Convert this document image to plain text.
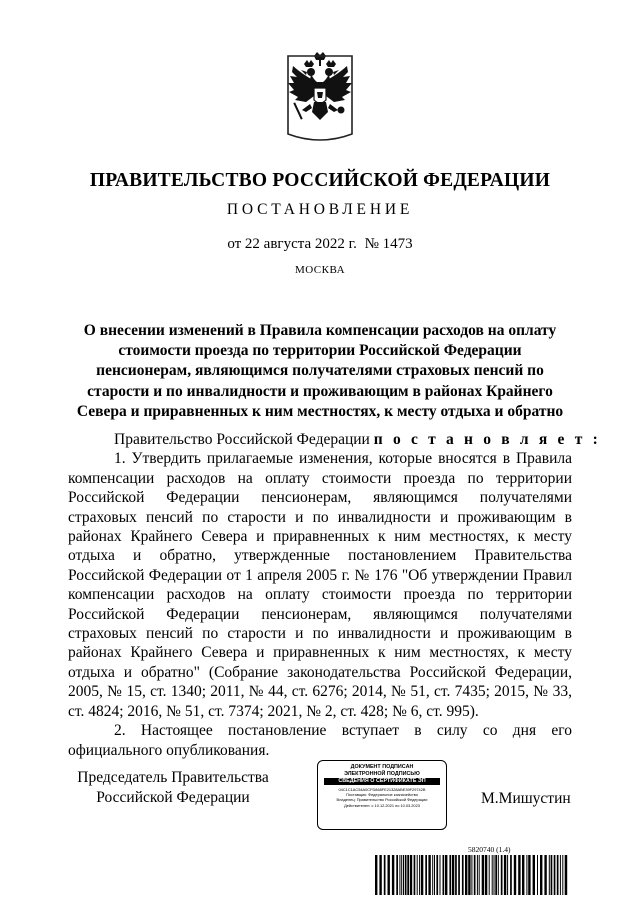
ПРАВИТЕЛЬСТВО РОССИЙСКОЙ ФЕДЕРАЦИИ
ПОСТАНОВЛЕНИЕ
от 22 августа 2022 г. № 1473
МОСКВА
О внесении изменений в Правила компенсации расходов на оплату
стоимости проезда по территории Российской Федерации
пенсионерам, являющимся получателями страховых пенсий по
старости и по инвалидности и проживающим в районах Крайнего
Севера и приравненных к ним местностях, к месту отдыха и обратно
Правительство Российской Федерации п о с т а н о в л я е т :
1. Утвердить прилагаемые изменения, которые вносятся в Правила
компенсации расходов на оплату стоимости проезда по территории
Российской Федерации пенсионерам, являющимся получателями
страховых пенсий по старости и по инвалидности и проживающим в
районах Крайнего Севера и приравненных к ним местностях, к месту
отдыха и обратно, утвержденные постановлением Правительства
Российской Федерации от 1 апреля 2005 г. № 176 "Об утверждении Правил
компенсации расходов на оплату стоимости проезда по территории
Российской Федерации пенсионерам, являющимся получателями
страховых пенсий по старости и по инвалидности и проживающим в
районах Крайнего Севера и приравненных к ним местностях, к месту
отдыха и обратно" (Собрание законодательства Российской Федерации,
2005, № 15, ст. 1340; 2011, № 44, ст. 6276; 2014, № 51, ст. 7435; 2015, № 33,
ст. 4824; 2016, № 51, ст. 7374; 2021, № 2, ст. 428; № 6, ст. 995).
2. Настоящее постановление вступает в силу со дня его
официального опубликования.
Председатель Правительства
Российской Федерации
ДОКУМЕНТ ПОДПИСАН
ЭЛЕКТРОННОЙ ПОДПИСЬЮ
СВЕДЕНИЯ О СЕРТИФИКАТЕ ЭП
04C1C1AC54A0CFD868FE21328ABE39F29742B
Поставщик: Федеральное казначейство
Владелец: Правительство Российской Федерации
Действителен: с 10.12.2021 по 10.03.2023	М.Мишустин
5820740 (1.4)
